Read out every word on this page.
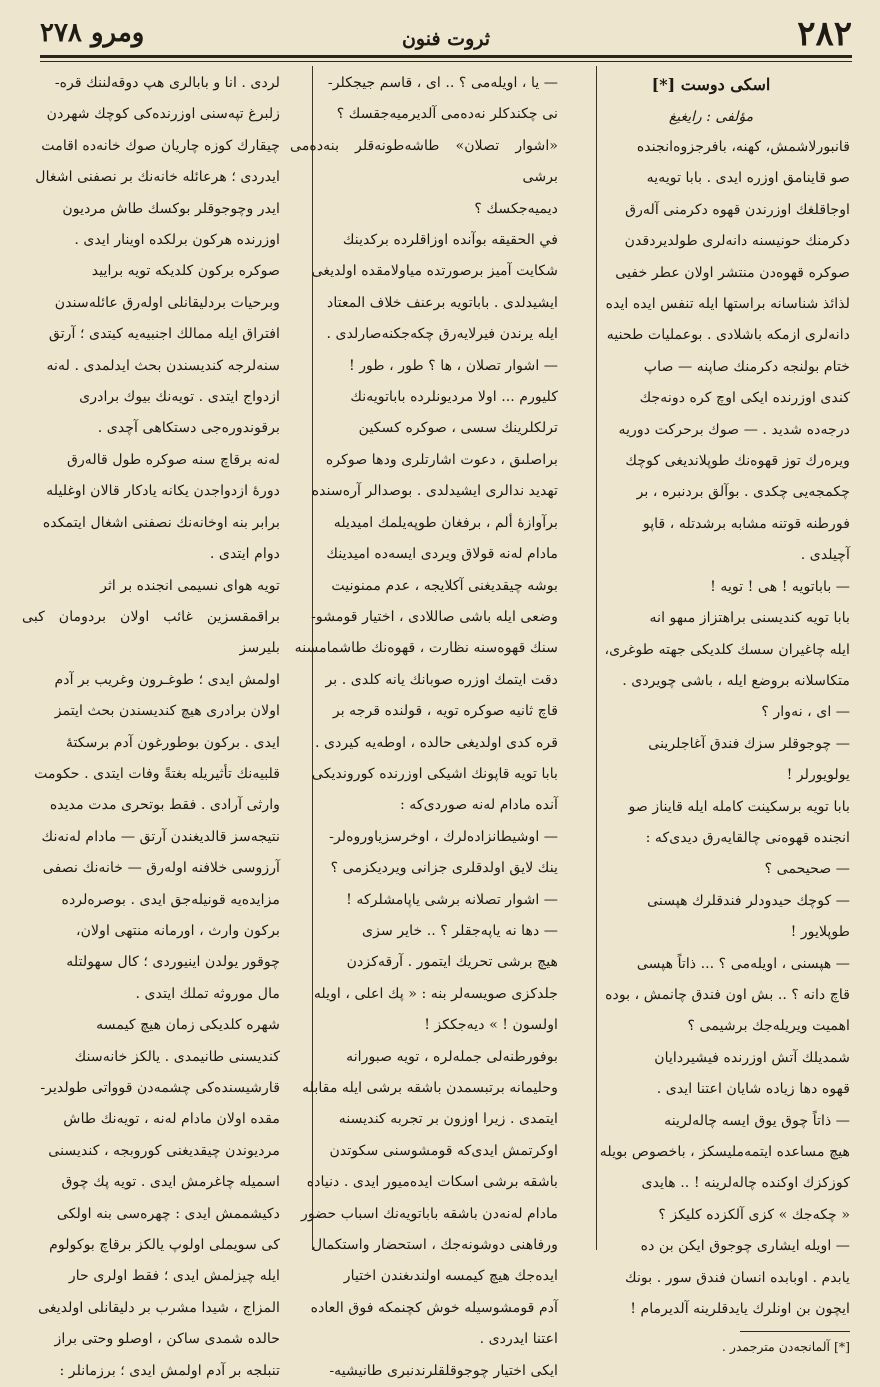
ومرو ٢٧٨	ثروت فنون	٢٨٢
اسكى دوست [*]
مؤلفى : رايغيغ

قانبورلاشمش، كهنه، بافرجزوه‌انجنده

صو قاينامق اوزره ايدى . بابا تويه‌يه

اوجاقلغك اوزرندن قهوه دكرمنى آلەرق

دكرمنك حونيسنه دانەلرى طولديردقدن

صوكره قهوەدن منتشر اولان عطر خفيى

لذائذ شناسانه براستها ايله تنفس ايده ايده

دانەلرى ازمكه باشلادى . بوعمليات طحنيه

ختام بولنجه دكرمنك صاپنه — صاپ

كندى اوزرنده ايكى اوچ كره دونەجك

درجەده شديد . — صوك برحركت دوريه

ويرەرك توز قهوەنك طوپلانديغى كوچك

چكمجەيى چكدى . بوآلق بردنبره ، بر

فورطنه قوتنه مشابه برشدتله ، قاپو

آچيلدى .

— باباتويه ! هى ! تويه !

بابا تويه كنديسنى براهتزاز مىهو انه

ايله چاغيران سسك كلديكى جهته طوغرى،

متكاسلانه بروضع ايله ، باشى چويردى .

— اى ، نەوار ؟

— چوجوقلر سزك فندق آغاجلرينى

يولويورلر !

بابا تويه برسكينت كامله ايله قايناز صو

انجنده قهوەنى چالقايەرق ديدى‌كه :

— صحيحمى ؟

— كوچك حيدودلر فندقلرك هپسنى

طوپلايور !

— هپسنى ، اويلەمى ؟ ... ذاتاً هپسى

قاچ دانه ؟ .. بش اون فندق چانمش ، بوده

اهميت ويريلەجك برشيمى ؟

شمديلك آتش اوزرنده فيشيردايان

قهوه دها زياده شايان اعتنا ايدى .

— ذاتاً چوق يوق ايسه چالەلرينه

هيچ مساعده ايتمەمليسكز ، باخصوص بويله

كوزكزك اوكنده چالەلرينه ! .. هايدى

« چكەجك » كزى آلكزده كليكز ؟

— اويله ايشارى چوجوق ايكن بن ده

يابدم . اوبابده انسان فندق سور . بونك

ايچون بن اونلرك يايدقلرينه آلديرمام !

[*] آلمانجەدن مترجمدر .

— يا ، اويلەمى ؟ .. اى ، قاسم جيجكلر-

نى چكندكلر نەدەمى آلديرميەجقسك ؟

«اشوار تصلان» طاشەطونەقلر بنەدەمى برشى

ديميەجكسك ؟

في الحقيقه بوآنده اوزاقلرده بركدينك

شكايت آميز برصورتده مياولامقده اولديغى

ايشيدلدى . باباتويه برعنف خلاف المعتاد

ايله يرندن فيرلايەرق چكەجكنەصارلدى .

— اشوار تصلان ، ها ؟ طور ، طور !

كليورم ... اولا مرديونلرده باباتويەنك

ترلكلرينك سسى ، صوكره كسكين

براصلىق ، دعوت اشارتلرى ودها صوكره

تهديد ندالرى ايشيدلدى . بوصدالر آرەسنده

برآوازۀ ألم ، برفغان طوپەيلمك اميديله

مادام لەنە قولاق ويردى ايسەده اميدينك

بوشه چيقديغنى آكلايجه ، عدم ممنونيت

وضعى ايله باشى صاللادى ، اختيار قومشو-

سنك قهوەسنه نظارت ، قهوەنك طاشمامسنه

دقت ايتمك اوزره صوبانك يانه كلدى . بر

قاچ ثانيه صوكره تويه ، قولنده قرجه بر

قره كدى اولديغى حالده ، اوطەيه كيردى .

بابا تويه قاپونك اشيكى اوزرنده كورونديكى

آنده مادام لەنه صوردى‌كه :

— اوشيطانزادەلرك ، اوخرسزياوروەلر-

ينك لايق اولدقلرى جزانى ويرديكزمى ؟

— اشوار تصلانه برشى ياپامشلركه !

— دها نه ياپەجقلر ؟ .. خاير سزى

هيچ برشى تحريك ايتمور . آرقەكزدن

جلدكزى صويسەلر بنه : « پك اعلى ، اويله

اولسون ! » ديەجككز !

بوفورطنەلى جملەلره ، تويه صبورانه

وحليمانه برتبسمدن باشقه برشى ايله مقابله

ايتمدى . زيرا اوزون بر تجربه كنديسنه

اوكرتمش ايدى‌كه قومشوسنى سكوتدن

باشقه برشى اسكات ايدەميور ايدى . دنياده

مادام لەنەدن باشقه باباتويەنك اسباب حضور

ورفاهنى دوشونەجك ، استحضار واستكمال

ايدەجك هيچ كيمسه اولندىغندن اختيار

آدم قومشوسيله خوش كچنمكه فوق العاده

اعتنا ايدردى .

ايكى اختيار چوجوقلقلرندنبرى طانيشيه-

لردى . انا و بابالرى هپ دوقەلننك قره-

زلبرغ تپەسنى اوزرندەكى كوچك شهردن

چيقارك كوزه چاريان صوك خانەده اقامت

ايدردى ؛ هرعائله خانەنك بر نصفنى اشغال

ايدر وچوجوقلر بوكسك طاش مرديون

اوزرنده هركون برلكده اوينار ايدى .

صوكره بركون كلديكه تويه براييد

وبرحيات بردليقانلى اولەرق عائلەسندن

افتراق ايله ممالك اجنبيەيه كيتدى ؛ آرتق

سنەلرجه كنديسندن بحث ايدلمدى . لەنه

ازدواج ايتدى . تويەنك بيوك برادرى

برقوندورەجى دستكاهى آچدى .

لەنه برقاچ سنه صوكره طول قالەرق

دورۀ ازدواجدن يكانه يادكار قالان اوغليله

برابر بنه اوخانەنك نصفنى اشغال ايتمكده

دوام ايتدى .

تويه هواى نسيمى انجنده بر اثر

براقمقسزين غائب اولان بردومان كبى بليرسز

اولمش ايدى ؛ طوغـرون وغريب بر آدم

اولان برادرى هيچ كنديسندن بحث ايتمز

ايدى . بركون بوطورغون آدم برسكتۀ

قلبيەنك تأثيريله بغتةً وفات ايتدى . حكومت

وارثى آرادى . فقط بوتحرى مدت مديده

نتيجەسز قالديغندن آرتق — مادام لەنەنك

آرزوسى خلافنه اولەرق — خانەنك نصفى

مزايدەيه قونيلەجق ايدى . بوصرەلرده

بركون وارث ، اورمانه منتهى اولان،

چوقور يولدن اينيوردى ؛ كال سهولتله

مال موروثه تملك ايتدى .

شهره كلديكى زمان هيچ كيمسه

كنديسنى طانيمدى . يالكز خانەسنك

قارشيسندەكى چشمەدن قوواتى طولدير-

مقده اولان مادام لەنه ، تويەنك طاش

مرديوندن چيقديغنى كوروبجه ، كنديسنى

اسميله چاغرمش ايدى . تويه پك چوق

دكيشممش ايدى : چهرەسى بنه اولكى

كى سويملى اولوپ يالكز برقاچ بوكولوم

ايله چيزلمش ايدى ؛ فقط اولرى حار

المزاج ، شيدا مشرب بر دليقانلى اولديغى

حالده شمدى ساكن ، اوصلو وحتى براز

تنبلجه بر آدم اولمش ايدى ؛ برزمانلر :
